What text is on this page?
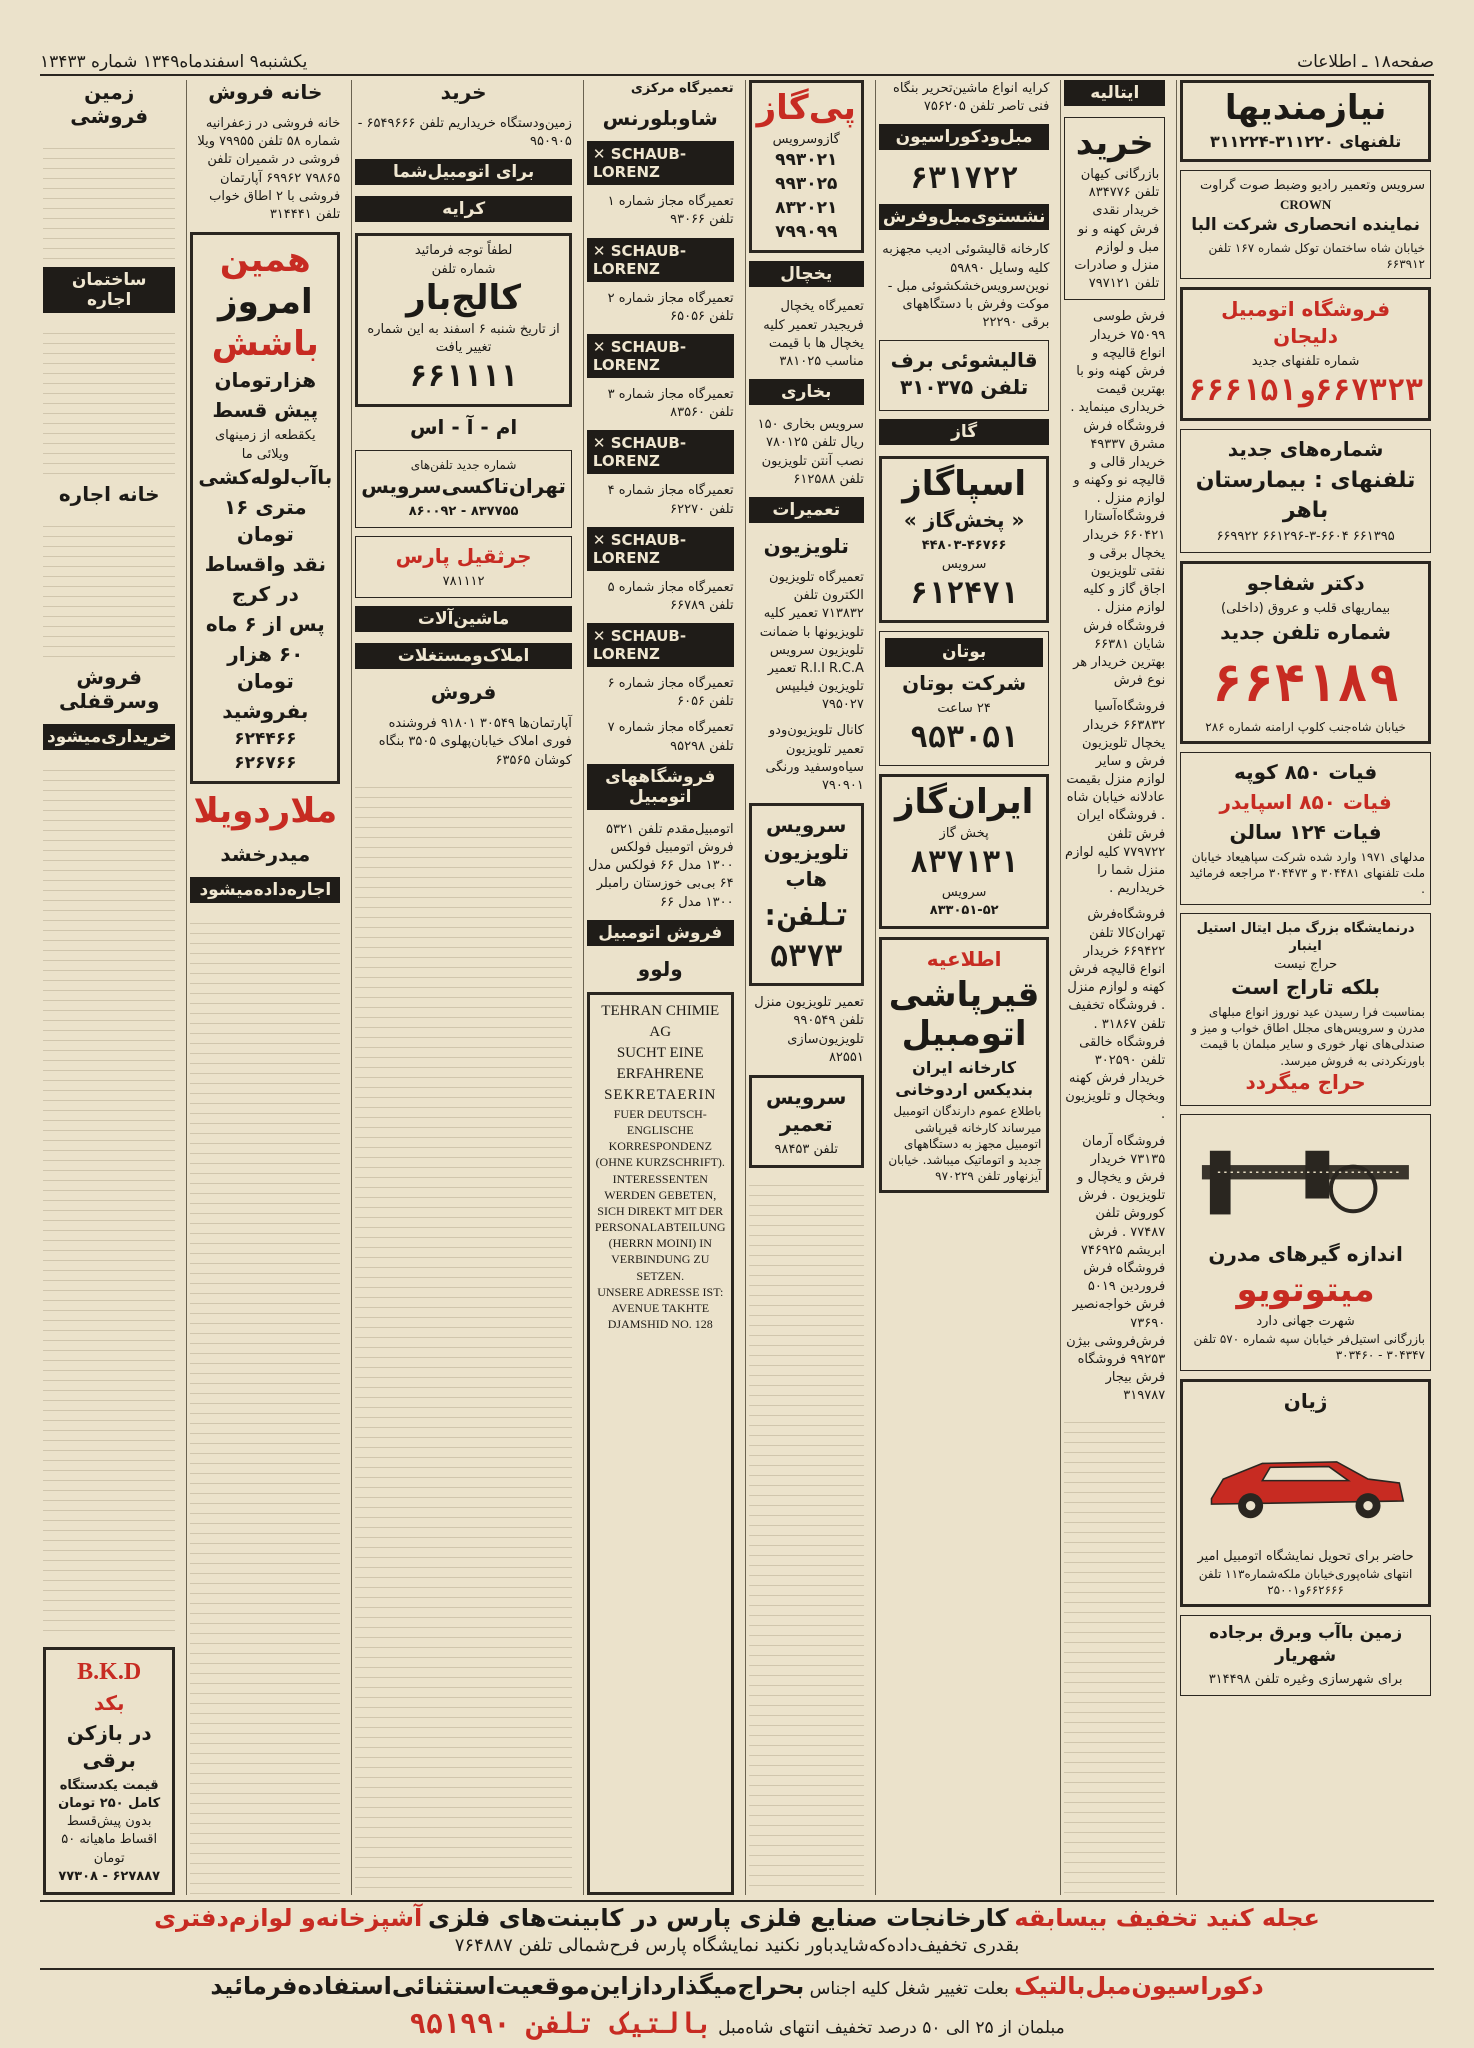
صفحه۱۸ ـ اطلاعات
یکشنبه۹ اسفندماه۱۳۴۹ شماره ۱۳۴۳۳
نیازمندیها
تلفنهای ۳۱۱۲۲۰-۳۱۱۲۲۴
سرویس وتعمیر رادیو وضبط صوت گراوت
CROWN
نماینده انحصاری شرکت البا
خیابان شاه ساختمان توکل شماره ۱۶۷ تلفن ۶۶۳۹۱۲
فروشگاه اتومبیل دلیجان
شماره تلفنهای جدید
۶۶۷۳۲۳و۶۶۶۱۵۱
شماره‌های جدید
تلفنهای : بیمارستان باهر
۶۶۱۳۹۵ ۶۶۱۲۹۶-۳-۶۶۰۴ ۶۶۹۹۲۲
دکتر شفاجو
بیماریهای قلب و عروق (داخلی)
شماره تلفن جدید
۶۶۴۱۸۹
خیابان شاه‌جنب کلوپ ارامنه شماره ۲۸۶
فیات ۸۵۰ کوپه
فیات ۸۵۰ اسپایدر
فیات ۱۲۴ سالن
مدلهای ۱۹۷۱ وارد شده شرکت سپاهیعاد خیابان ملت تلفنهای ۳۰۴۴۸۱ و ۳۰۴۴۷۳ مراجعه فرمائید .
درنمایشگاه بزرگ مبل ایتال استیل اینبار
حراج نیست
بلکه تاراج است
بمناسبت فرا رسیدن عید نوروز انواع مبلهای مدرن و سرویس‌های مجلل اطاق خواب و میز و صندلی‌های نهار خوری و سایر مبلمان با قیمت باورنکردنی به فروش میرسد.
حراج میگردد
اندازه گیرهای مدرن
میتوتویو
شهرت جهانی دارد
بازرگانی استیل‌فر خیابان سپه شماره ۵۷۰ تلفن ۳۰۴۳۴۷ - ۳۰۳۴۶۰
ژیان
حاضر برای تحویل نمایشگاه اتومبیل امیر
انتهای شاه‌پوری‌خیابان ملکه‌شماره۱۱۳ تلفن ۶۶۲۶۶۶و۲۵۰۰۱
زمین باآب وبرق برجاده شهریار
برای شهرسازی وغیره تلفن ۳۱۴۴۹۸
ایتالیه
خرید
بازرگانی کیهان تلفن ۸۳۴۷۷۶ خریدار نقدی فرش کهنه و نو مبل و لوازم منزل و صادرات تلفن ۷۹۷۱۲۱
فرش طوسی ۷۵۰۹۹ خریدار انواع قالیچه و فرش کهنه ونو با بهترین قیمت خریداری مینماید . فروشگاه فرش مشرق ۴۹۳۳۷ خریدار قالی و قالیچه نو وکهنه و لوازم منزل . فروشگاه‌آستارا ۶۶۰۴۲۱ خریدار یخچال برقی و نفتی تلویزیون اجاق گاز و کلیه لوازم منزل . فروشگاه فرش شایان ۶۶۳۸۱ بهترین خریدار هر نوع فرش
فروشگاه‌آسیا ۶۶۳۸۳۲ خریدار یخچال تلویزیون فرش و سایر لوازم منزل بقیمت عادلانه خیابان شاه . فروشگاه ایران فرش تلفن ۷۷۹۷۲۲ کلیه لوازم منزل شما را خریداریم .
فروشگاه‌فرش تهران‌کالا تلفن ۶۶۹۴۲۲ خریدار انواع قالیچه فرش کهنه و لوازم منزل . فروشگاه تخفیف تلفن ۳۱۸۶۷ . فروشگاه خالقی تلفن ۳۰۲۵۹۰ خریدار فرش کهنه وبخچال و تلویزیون .
فروشگاه آرمان ۷۳۱۳۵ خریدار فرش و یخچال و تلویزیون . فرش کوروش تلفن ۷۷۴۸۷ . فرش ابریشم ۷۴۶۹۲۵ فروشگاه فرش فروردین ۵۰۱۹ فرش خواجه‌نصیر ۷۳۶۹۰ فرش‌فروشی بیژن ۹۹۲۵۳ فروشگاه فرش بیجار ۳۱۹۷۸۷
کرایه انواع ماشین‌تحریر بنگاه فنی تاصر تلفن ۷۵۶۲۰۵
مبل‌ودکوراسیون
۶۳۱۷۲۲
نشستوی‌مبل‌وفرش
کارخانه قالیشوئی ادیب مجهزبه کلیه وسایل ۵۹۸۹۰ نوین‌سرویس‌خشکشوئی مبل - موکت وفرش با دستگاههای برقی ۲۲۲۹۰
قالیشوئی برف تلفن ۳۱۰۳۷۵
گاز
اسپاگاز
« پخش‌گاز »
۴۴۸۰۳-۴۶۷۶۶
سرویس
۶۱۲۴۷۱
بوتان
شرکت بوتان
۲۴ ساعت
۹۵۳۰۵۱
ایران‌گاز
پخش گاز
۸۳۷۱۳۱
سرویس
۸۳۳۰۵۱-۵۲
اطلاعیه
قیرپاشی اتومبیل
کارخانه ایران بندیکس اردوخانی
باطلاع عموم دارندگان اتومبیل میرساند کارخانه قیرپاشی اتومبیل مجهز به دستگاههای جدید و اتوماتیک میباشد. خیابان آیزنهاور تلفن ۹۷۰۲۲۹
پی‌گاز
گازوسرویس
۹۹۳۰۲۱
۹۹۳۰۲۵
۸۳۲۰۲۱
۷۹۹۰۹۹
یخچال
تعمیرگاه یخچال فریجیدر تعمیر کلیه یخچال ها با قیمت مناسب ۳۸۱۰۲۵
بخاری
سرویس بخاری ۱۵۰ ریال تلفن ۷۸۰۱۲۵ نصب آنتن تلویزیون تلفن ۶۱۲۵۸۸
تعمیرات
تلویزیون
تعمیرگاه تلویزیون الکترون تلفن ۷۱۳۸۳۲ تعمیر کلیه تلویزیونها با ضمانت تلویزیون سرویس R.I.I R.C.A تعمیر تلویزیون فیلیپس ۷۹۵۰۲۷
کانال تلویزیون‌ودو تعمیر تلویزیون سیاه‌و‌سفید و‌رنگی ۷۹۰۹۰۱
سرویس تلویزیون هاب
تلفن: ۵۳۷۳
تعمیر تلویزیون منزل تلفن ۹۹۰۵۴۹ تلویزیون‌سازی ۸۲۵۵۱
سرویس تعمیر
تلفن ۹۸۴۵۳
تعمیرگاه مرکزی
شاوبلورنس
✕ SCHAUB-LORENZ
تعمیرگاه مجاز شماره ۱ تلفن ۹۳۰۶۶
✕ SCHAUB-LORENZ
تعمیرگاه مجاز شماره ۲ تلفن ۶۵۰۵۶
✕ SCHAUB-LORENZ
تعمیرگاه مجاز شماره ۳ تلفن ۸۳۵۶۰
✕ SCHAUB-LORENZ
تعمیرگاه مجاز شماره ۴ تلفن ۶۲۲۷۰
✕ SCHAUB-LORENZ
تعمیرگاه مجاز شماره ۵ تلفن ۶۶۷۸۹
✕ SCHAUB-LORENZ
تعمیرگاه مجاز شماره ۶ تلفن ۶۰۵۶
تعمیرگاه مجاز شماره ۷ تلفن ۹۵۲۹۸
فروشگاههای اتومبیل
اتومبیل‌مقدم تلفن ۵۳۲۱ فروش اتومبیل فولکس ۱۳۰۰ مدل ۶۶ فولکس مدل ۶۴ بی‌‌بی خوزستان رامبلر ۱۳۰۰ مدل ۶۶
فروش اتومبیل
ولوو
TEHRAN CHIMIE AG
SUCHT EINE
ERFAHRENE
SEKRETAERIN
FUER DEUTSCH-ENGLISCHE KORRESPONDENZ (OHNE KURZSCHRIFT).
INTERESSENTEN WERDEN GEBETEN, SICH DIREKT MIT DER PERSONALABTEILUNG (HERRN MOINI) IN VERBINDUNG ZU SETZEN.
UNSERE ADRESSE IST: AVENUE TAKHTE DJAMSHID NO. 128
خرید
زمین‌ودستگاه خریداریم تلفن ۶۵۴۹۶۶۶ - ۹۵۰۹۰۵
برای اتومبیل‌شما
کرایه
لطفاً توجه فرمائید
شماره تلفن
کالج‌بار
از تاریخ شنبه ۶ اسفند به این شماره تغییر یافت
۶۶۱۱۱۱
ام - آ - اس
شماره جدید تلفن‌های
تهران‌تاکسی‌سرویس
۸۳۷۷۵۵ - ۸۶۰۰۹۲
جرثقیل پارس
۷۸۱۱۱۲
ماشین‌آلات
املاک‌ومستغلات
فروش
آپارتمان‌ها ۳۰۵۴۹ ۹۱۸۰۱ فروشنده فوری املاک خیابان‌پهلوی ۳۵۰۵ بنگاه کوشان ۶۳۵۶۵
خانه فروش
خانه فروشی در زعفرانیه شماره ۵۸ تلفن ۷۹۹۵۵ ویلا فروشی در شمیران تلفن ۷۹۸۶۵ ۶۹۹۶۲ آپارتمان فروشی با ۲ اطاق خواب تلفن ۳۱۴۴۴۱
همین
امروز
باشش
هزارتومان
پیش قسط
یکقطعه از زمینهای ویلائی‌ ما
باآب‌لوله‌کشی
متری ۱۶ تومان
نقد واقساط
در کرج
پس از ۶ ماه
۶۰ هزار تومان
بفروشید
۶۲۴۴۶۶
۶۲۶۷۶۶
ملاردویلا
میدرخشد
اجاره‌داده‌میشود
زمین فروشی
ساختمان اجاره
خانه اجاره
فروش وسرقفلی
خریداری‌میشود
B.K.D
بکد
در بازکن برقی
قیمت یکدستگاه کامل ۲۵۰ تومان
بدون پیش‌قسط اقساط ماهیانه ۵۰ تومان
۶۲۷۸۸۷ - ۷۷۳۰۸
عجله کنید تخفیف بیسابقه کارخانجات صنایع فلزی پارس در کابینت‌های فلزی آشپزخانه‌و لوازم‌دفتری
بقدری تخفیف‌داده‌که‌شاید‌باور نکنید نمایشگاه پارس فرح‌شمالی تلفن ۷۶۴۸۸۷
دکوراسیون‌مبل‌بالتیک بعلت تغییر شغل کلیه اجناس بحراج‌میگذاردازاین‌موقعیت‌استثنائی‌استفاده‌فرمائید
مبلمان از ۲۵ الی ۵۰ درصد تخفیف انتهای شاه‌مبل بالتیک تلفن ۹۵۱۹۹۰
